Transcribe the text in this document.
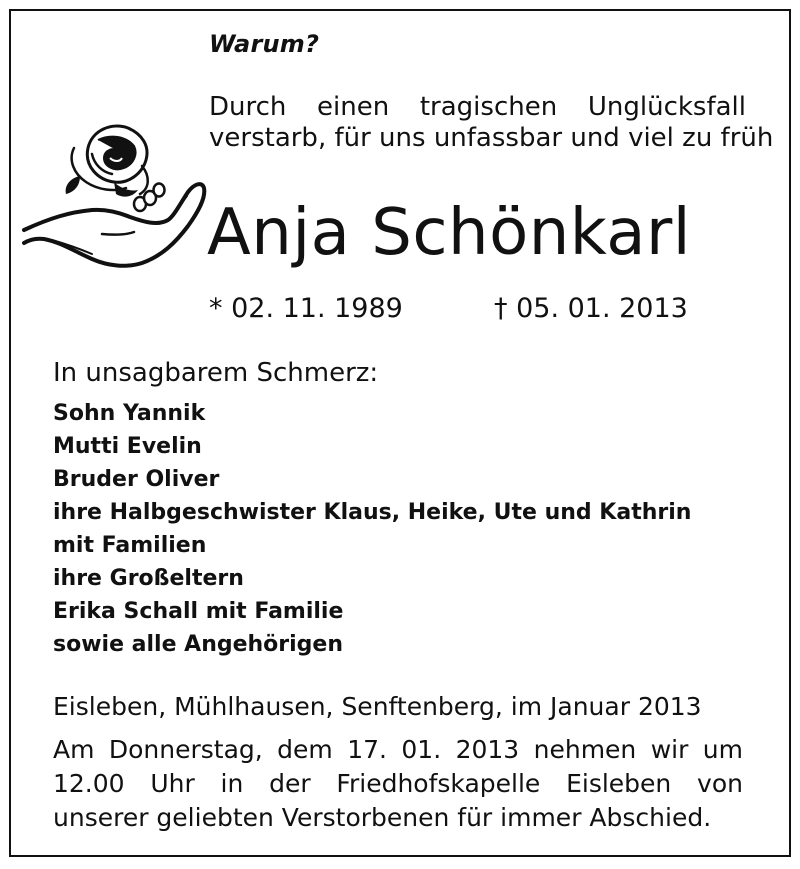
Warum?
Durch einen tragischen Unglücksfall
verstarb, für uns unfassbar und viel zu früh
Anja Schönkarl
* 02. 11. 1989	† 05. 01. 2013
In unsagbarem Schmerz:
Sohn Yannik
Mutti Evelin
Bruder Oliver
ihre Halbgeschwister Klaus, Heike, Ute und Kathrin
mit Familien
ihre Großeltern
Erika Schall mit Familie
sowie alle Angehörigen
Eisleben, Mühlhausen, Senftenberg, im Januar 2013
Am Donnerstag, dem 17. 01. 2013 nehmen wir um
12.00 Uhr in der Friedhofskapelle Eisleben von
unserer geliebten Verstorbenen für immer Abschied.
